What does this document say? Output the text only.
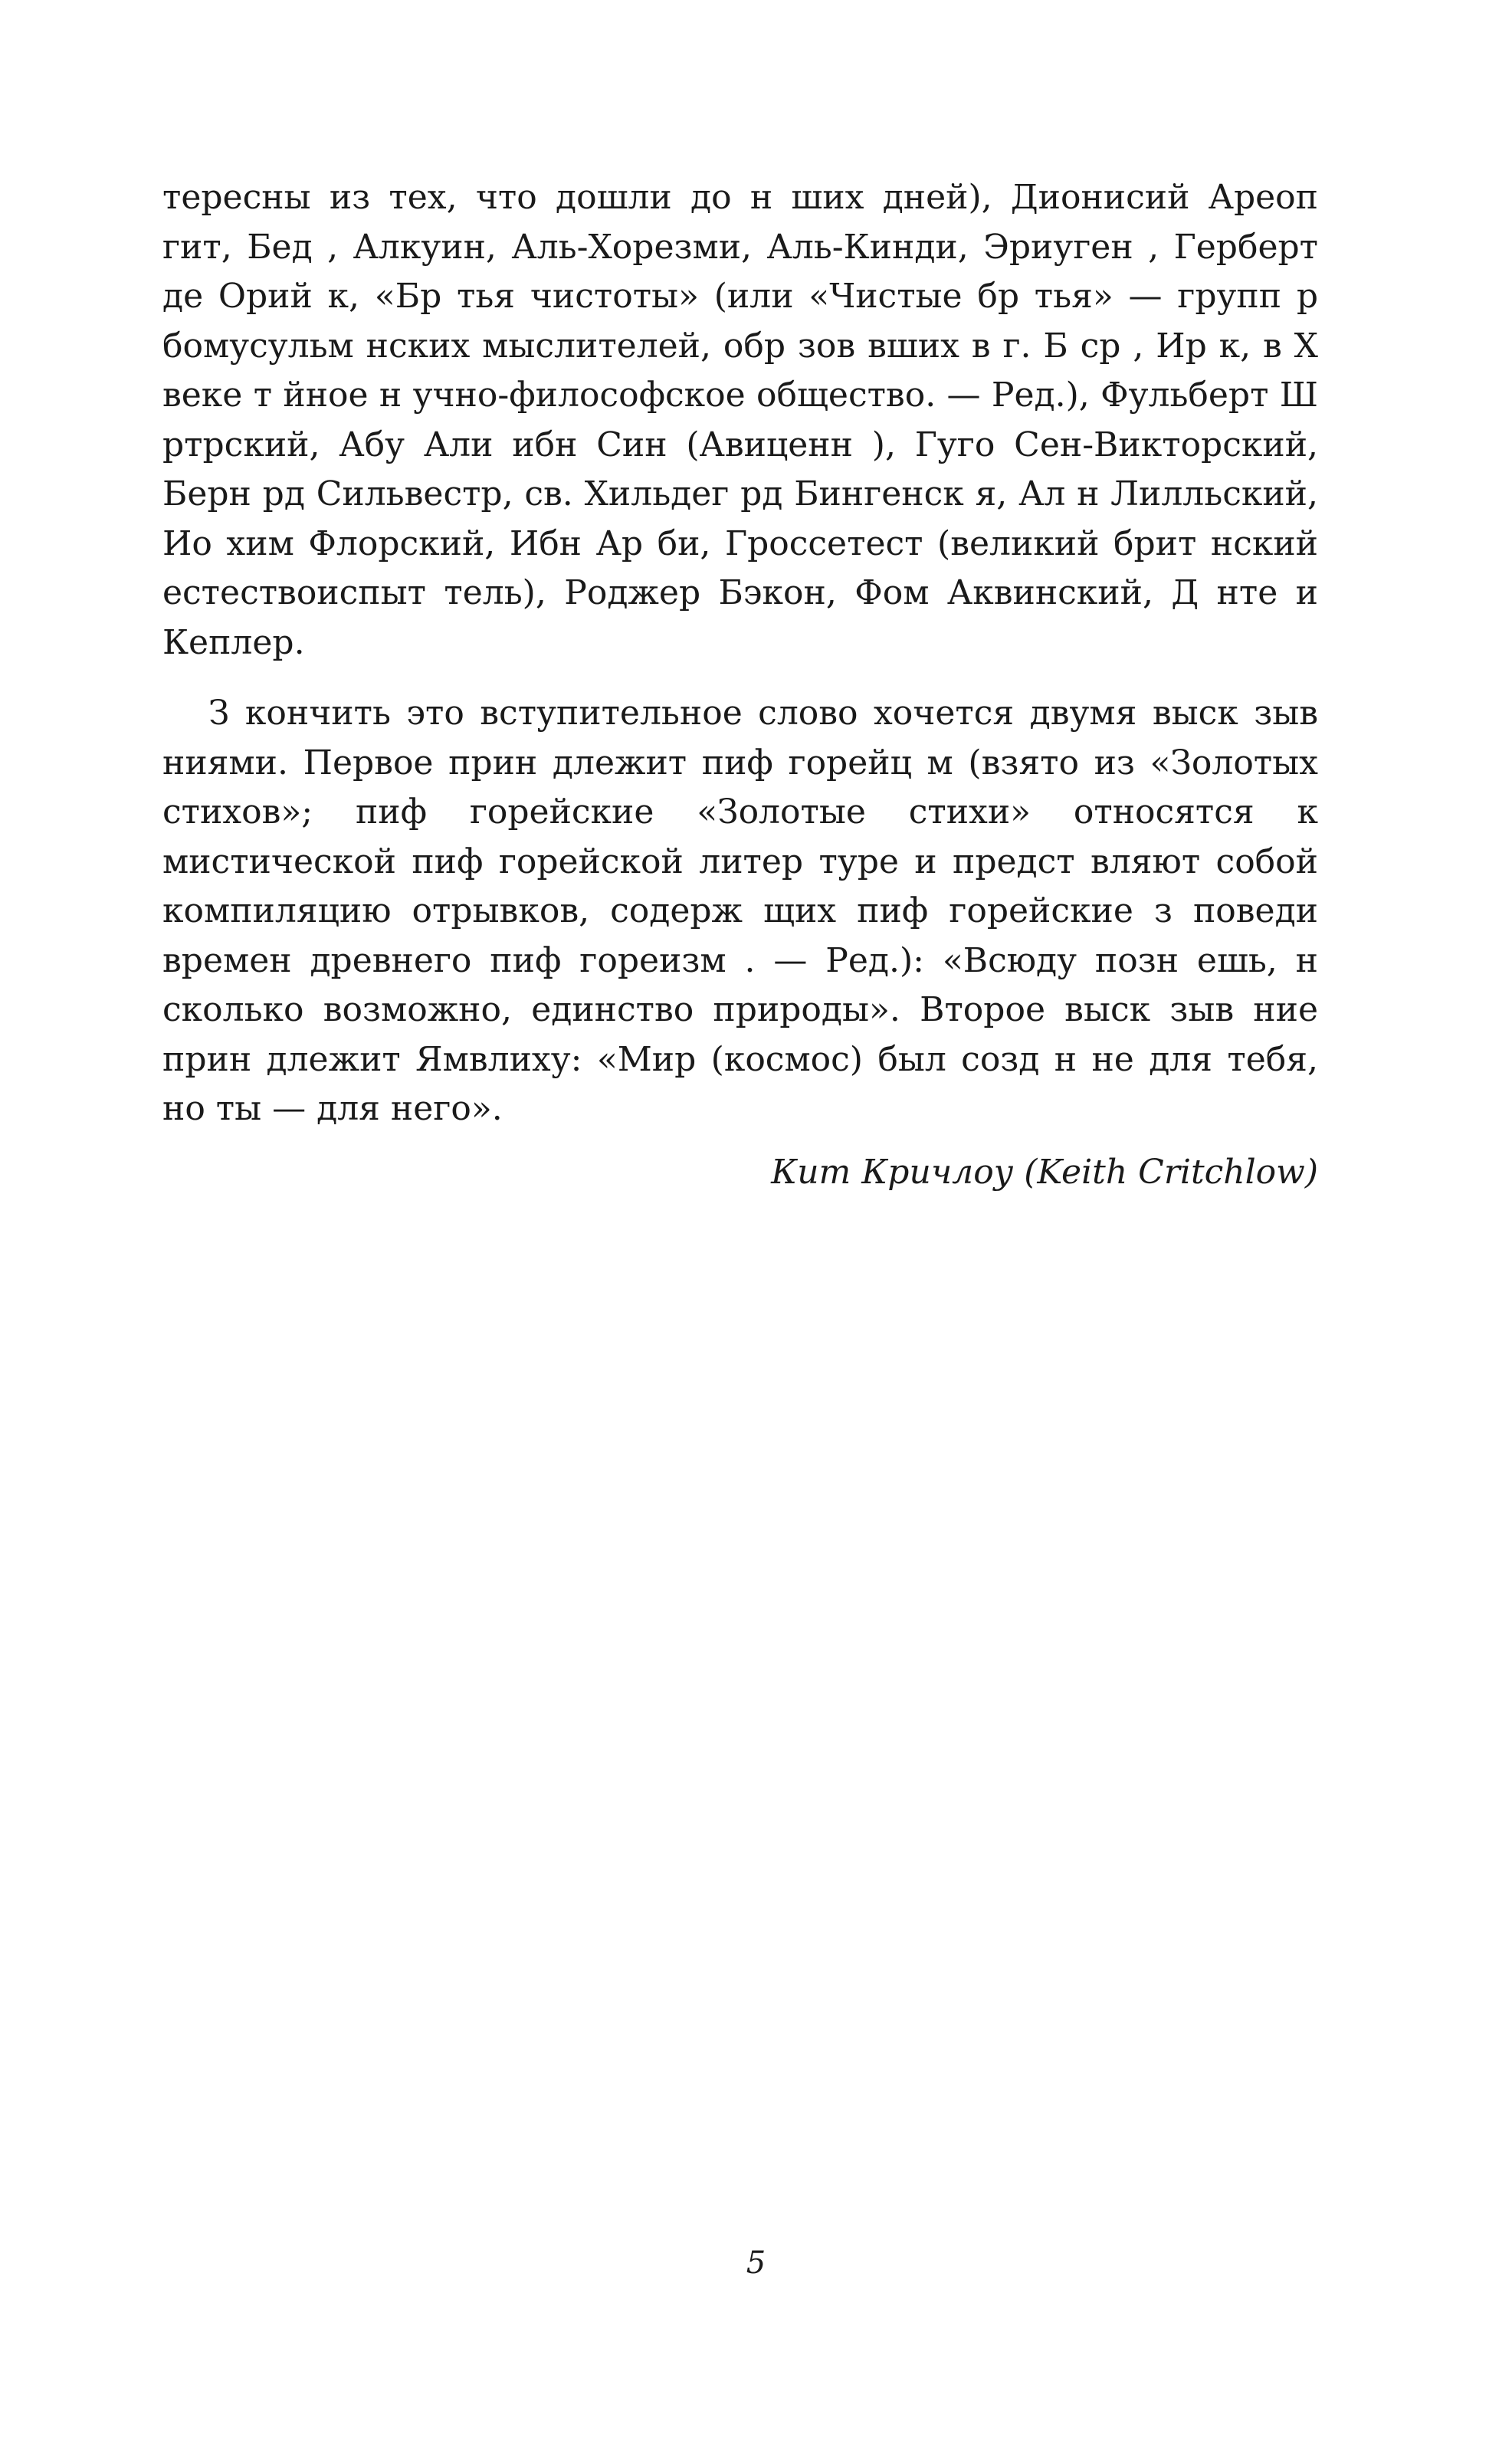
тересны из тех, что дошли до н ших дней), Дионисий Ареоп гит, Бед , Алкуин, Аль-Хорезми, Аль-Кинди, Эриуген , Герберт де Орий к, «Бр тья чистоты» (или «Чистые бр тья» — групп р бомусульм нских мыслителей, обр зов вших в г. Б ср , Ир к, в X веке т йное н учно-философское общество. — Ред.), Фульберт Ш ртрский, Абу Али ибн Син (Авиценн ), Гуго Сен-Викторский, Берн рд Сильвестр, св. Хильдег рд Бингенск я, Ал н Лилльский, Ио хим Флорский, Ибн Ар би, Гроссетест (великий брит нский естествоиспыт тель), Роджер Бэкон, Фом Аквинский, Д нте и Кеплер.

З кончить это вступительное слово хочется двумя выск зыв ниями. Первое прин длежит пиф горейц м (взято из «Золотых стихов»; пиф горейские «Золотые стихи» относятся к мистической пиф горейской литер туре и предст вляют собой компиляцию отрывков, содерж щих пиф горейские з поведи времен древнего пиф гореизм . — Ред.): «Всюду позн ешь, н сколько возможно, единство природы». Второе выск зыв ние прин длежит Ямвлиху: «Мир (космос) был созд н не для тебя, но ты — для него».

Кит Кричлоу (Keith Critchlow)

5
